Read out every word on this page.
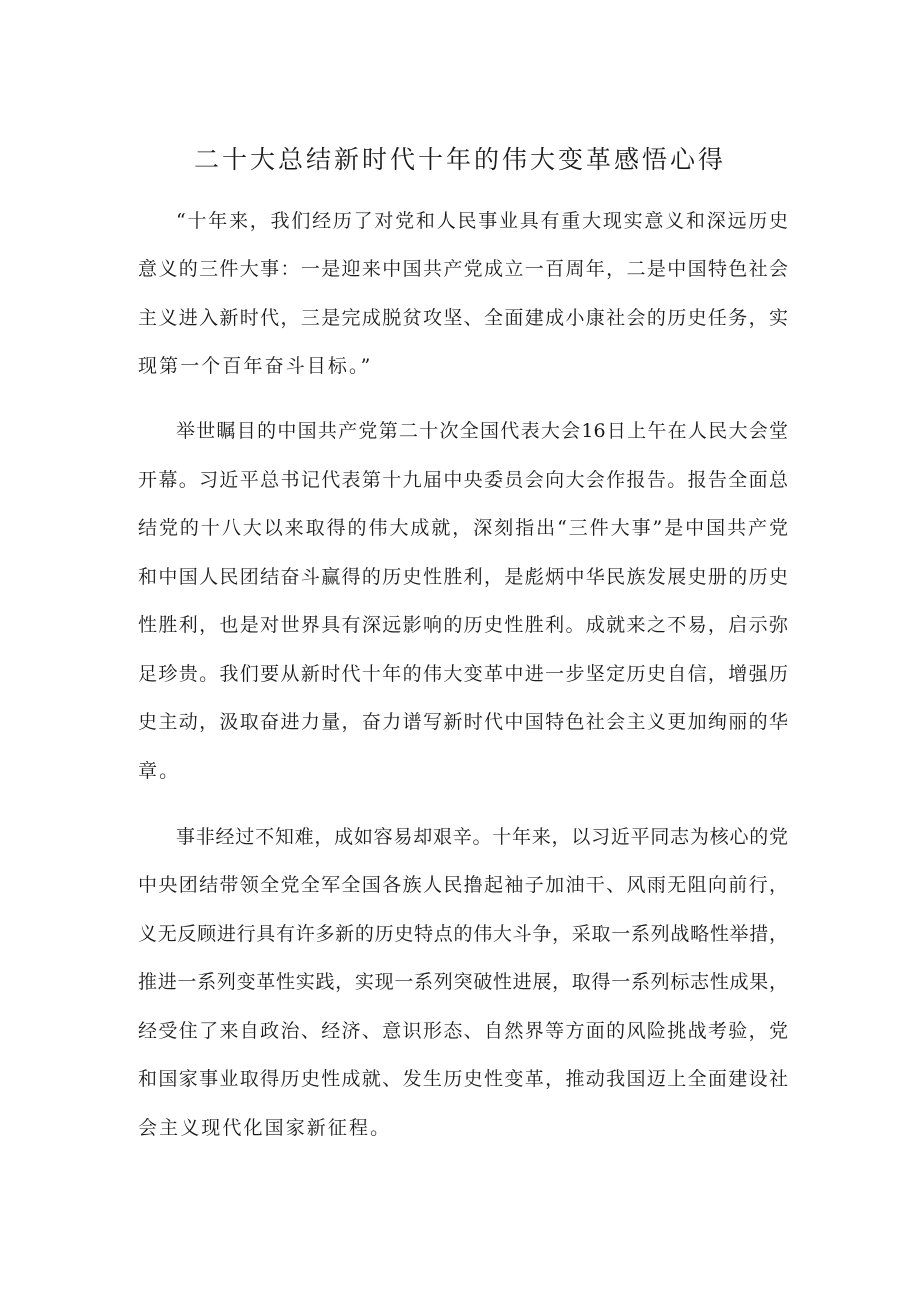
二十大总结新时代十年的伟大变革感悟心得
“十年来，我们经历了对党和人民事业具有重大现实意义和深远历史
意义的三件大事：一是迎来中国共产党成立一百周年，二是中国特色社会
主义进入新时代，三是完成脱贫攻坚、全面建成小康社会的历史任务，实
现第一个百年奋斗目标。”
举世瞩目的中国共产党第二十次全国代表大会16日上午在人民大会堂
开幕。习近平总书记代表第十九届中央委员会向大会作报告。报告全面总
结党的十八大以来取得的伟大成就，深刻指出“三件大事”是中国共产党
和中国人民团结奋斗赢得的历史性胜利，是彪炳中华民族发展史册的历史
性胜利，也是对世界具有深远影响的历史性胜利。成就来之不易，启示弥
足珍贵。我们要从新时代十年的伟大变革中进一步坚定历史自信，增强历
史主动，汲取奋进力量，奋力谱写新时代中国特色社会主义更加绚丽的华
章。
事非经过不知难，成如容易却艰辛。十年来，以习近平同志为核心的党
中央团结带领全党全军全国各族人民撸起袖子加油干、风雨无阻向前行，
义无反顾进行具有许多新的历史特点的伟大斗争，采取一系列战略性举措，
推进一系列变革性实践，实现一系列突破性进展，取得一系列标志性成果，
经受住了来自政治、经济、意识形态、自然界等方面的风险挑战考验，党
和国家事业取得历史性成就、发生历史性变革，推动我国迈上全面建设社
会主义现代化国家新征程。
